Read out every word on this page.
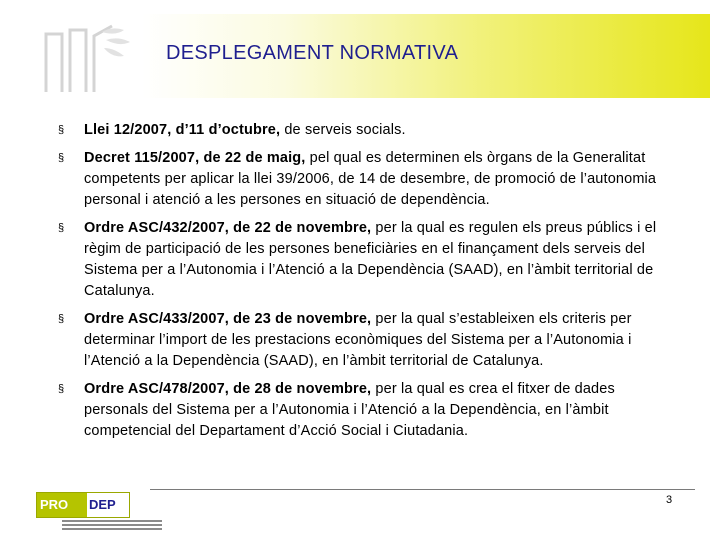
DESPLEGAMENT NORMATIVA
§	Llei 12/2007, d’11 d’octubre, de serveis socials.
§	Decret 115/2007, de 22 de maig, pel qual es determinen els òrgans de la Generalitat competents per aplicar la llei 39/2006, de 14 de desembre, de promoció de l’autonomia personal i atenció a les persones en situació de dependència.
§	Ordre ASC/432/2007, de 22 de novembre, per la qual es regulen els preus públics i el règim de participació de les persones beneficiàries en el finançament dels serveis del Sistema per a l’Autonomia i l’Atenció a la Dependència (SAAD), en l’àmbit territorial de Catalunya.
§	Ordre ASC/433/2007, de 23 de novembre, per la qual s’estableixen els criteris per determinar l’import de les prestacions econòmiques del Sistema per a l’Autonomia i l’Atenció a la Dependència (SAAD), en l’àmbit territorial de Catalunya.
§	Ordre ASC/478/2007, de 28 de novembre, per la qual es crea el fitxer de dades personals del Sistema per a l’Autonomia i l’Atenció a la Dependència, en l’àmbit competencial del Departament d’Acció Social i Ciutadania.
3
PRO DEP
